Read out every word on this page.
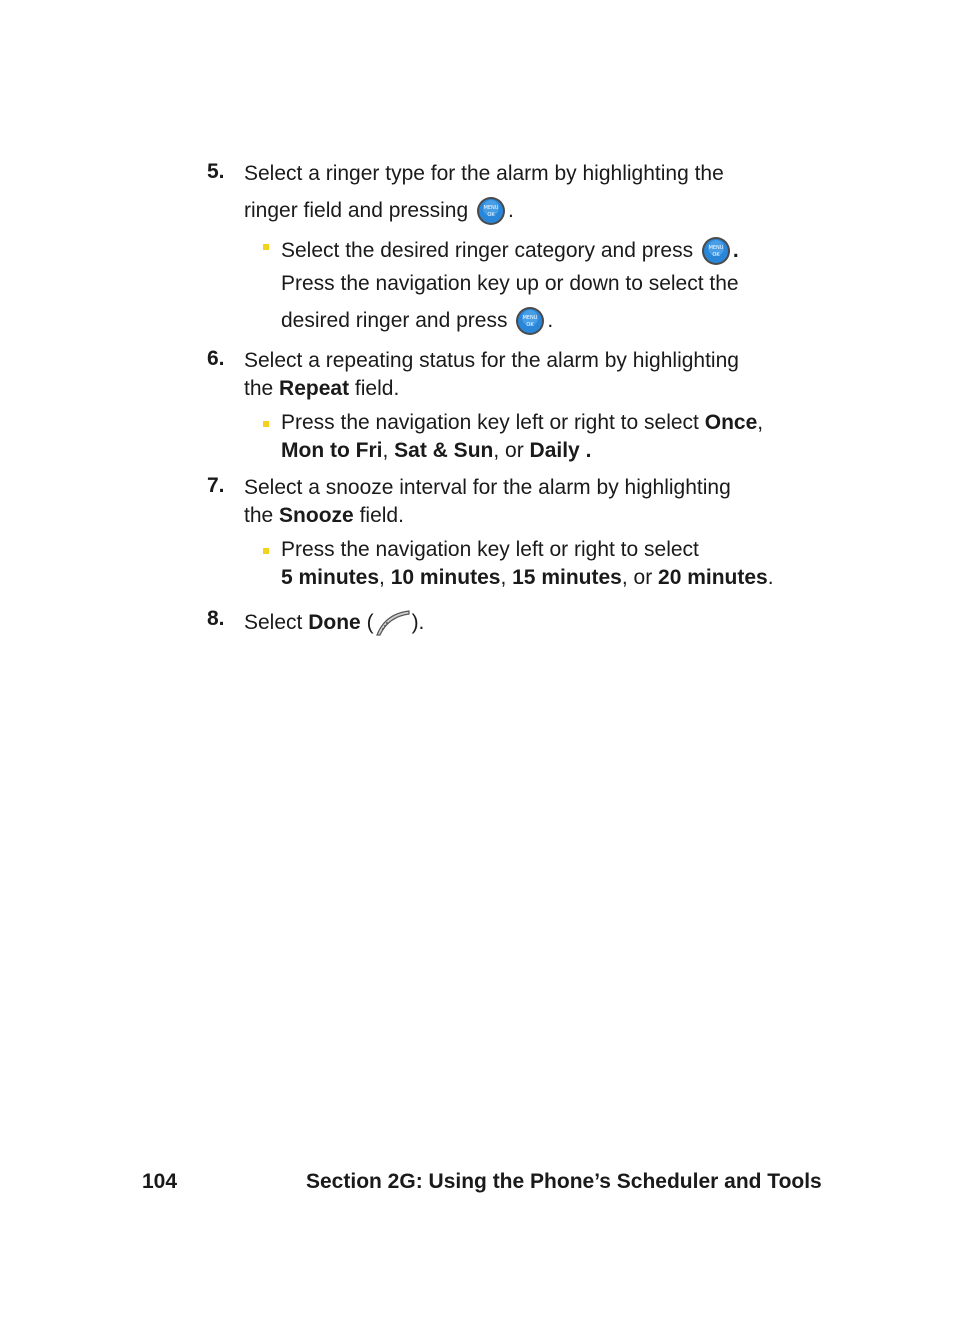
5. Select a ringer type for the alarm by highlighting the
ringer field and pressing	MENU
OK .
Select the desired ringer category and press	MENU
OK .
Press the navigation key up or down to select the
desired ringer and press	MENU
OK .
6. Select a repeating status for the alarm by highlighting
the Repeat field.
Press the navigation key left or right to select Once,
Mon to Fri, Sat & Sun, or Daily .
7. Select a snooze interval for the alarm by highlighting
the Snooze field.
Press the navigation key left or right to select
5 minutes, 10 minutes, 15 minutes, or 20 minutes.
8. Select Done ( ).
104	Section 2G: Using the Phone’s Scheduler and Tools
